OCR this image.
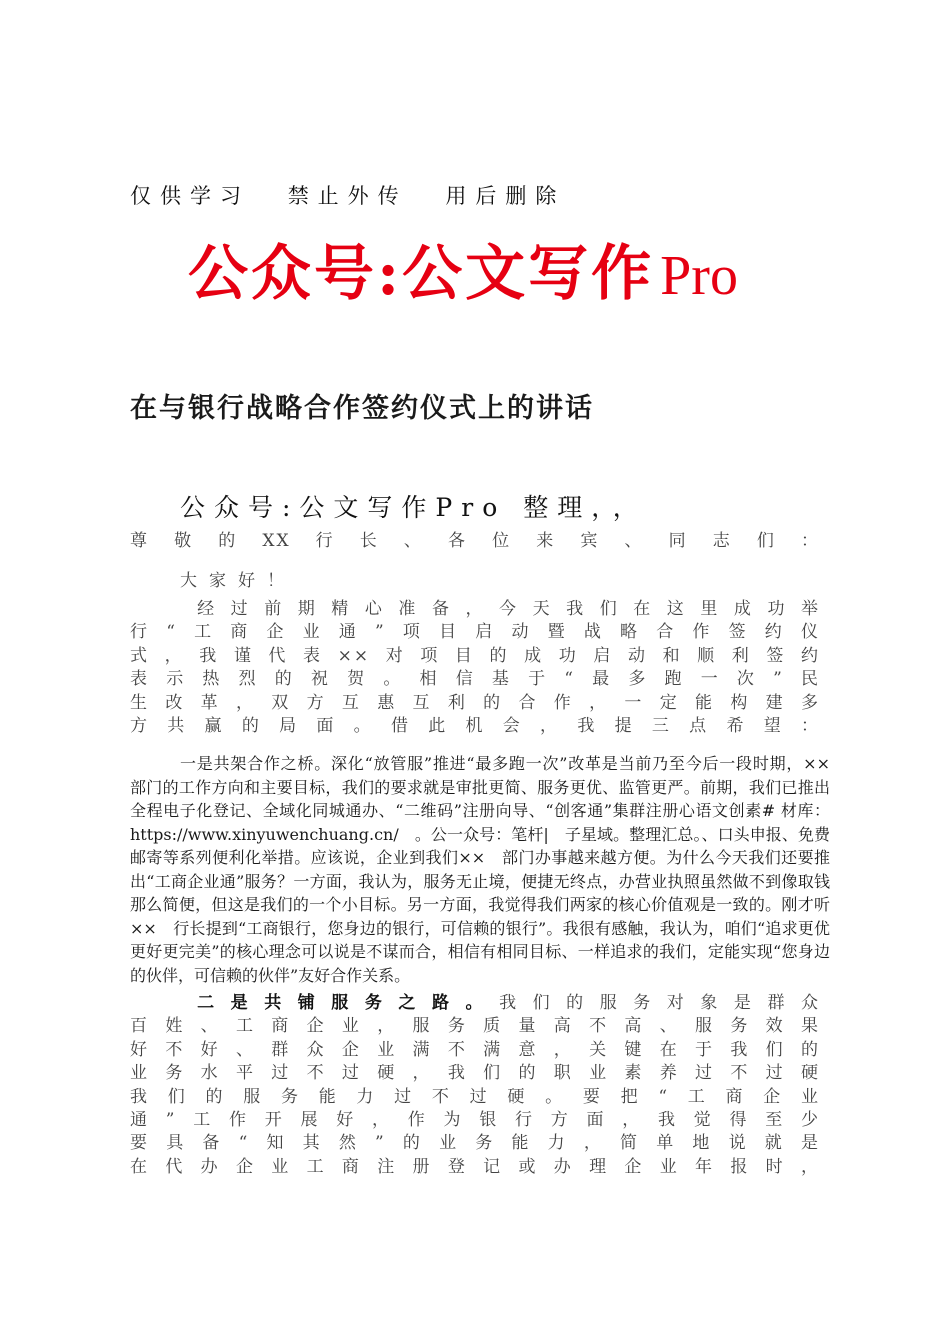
仅供学习 禁止外传 用后删除
公众号:公文写作 Pro
在与银行战略合作签约仪式上的讲话
公众号:公文写作Pro 整理，，
尊敬的XX行长、各位来宾、同志们：
大家好！
　　经过前期精心准备，今天我们在这里成功举
行“工商企业通”项目启动暨战略合作签约仪
式，我谨代表××对项目的成功启动和顺利签约
表示热烈的祝贺。相信基于“最多跑一次”民
生改革，双方互惠互利的合作，一定能构建多
方共赢的局面。借此机会，我提三点希望：
一是共架合作之桥。深化“放管服”推进“最多跑一次”改革是当前乃至今后一段时期，××　部门的工作方向和主要目标，我们的要求就是审批更简、服务更优、监管更严。前期，我们已推出全程电子化登记、全域化同城通办、“二维码”注册向导、“创客通”集群注册心语文创素# 材库：https://www.xinyuwenchuang.cn/　。公一众号：笔杆|　子星域。整理汇总。、口头申报、免费邮寄等系列便利化举措。应该说，企业到我们××　部门办事越来越方便。为什么今天我们还要推出“工商企业通”服务？一方面，我认为，服务无止境，便捷无终点，办营业执照虽然做不到像取钱那么简便，但这是我们的一个小目标。另一方面，我觉得我们两家的核心价值观是一致的。刚才听××　行长提到“工商银行，您身边的银行，可信赖的银行”。我很有感触，我认为，咱们“追求更优更好更完美”的核心理念可以说是不谋而合，相信有相同目标、一样追求的我们，定能实现“您身边的伙伴，可信赖的伙伴”友好合作关系。
　　二是共铺服务之路。我们的服务对象是群众
百姓、工商企业，服务质量高不高、服务效果
好不好、群众企业满不满意，关键在于我们的
业务水平过不过硬，我们的职业素养过不过硬
我们的服务能力过不过硬。要把“工商企业
通”工作开展好，作为银行方面，我觉得至少
要具备“知其然”的业务能力，简单地说就是
在代办企业工商注册登记或办理企业年报时，
